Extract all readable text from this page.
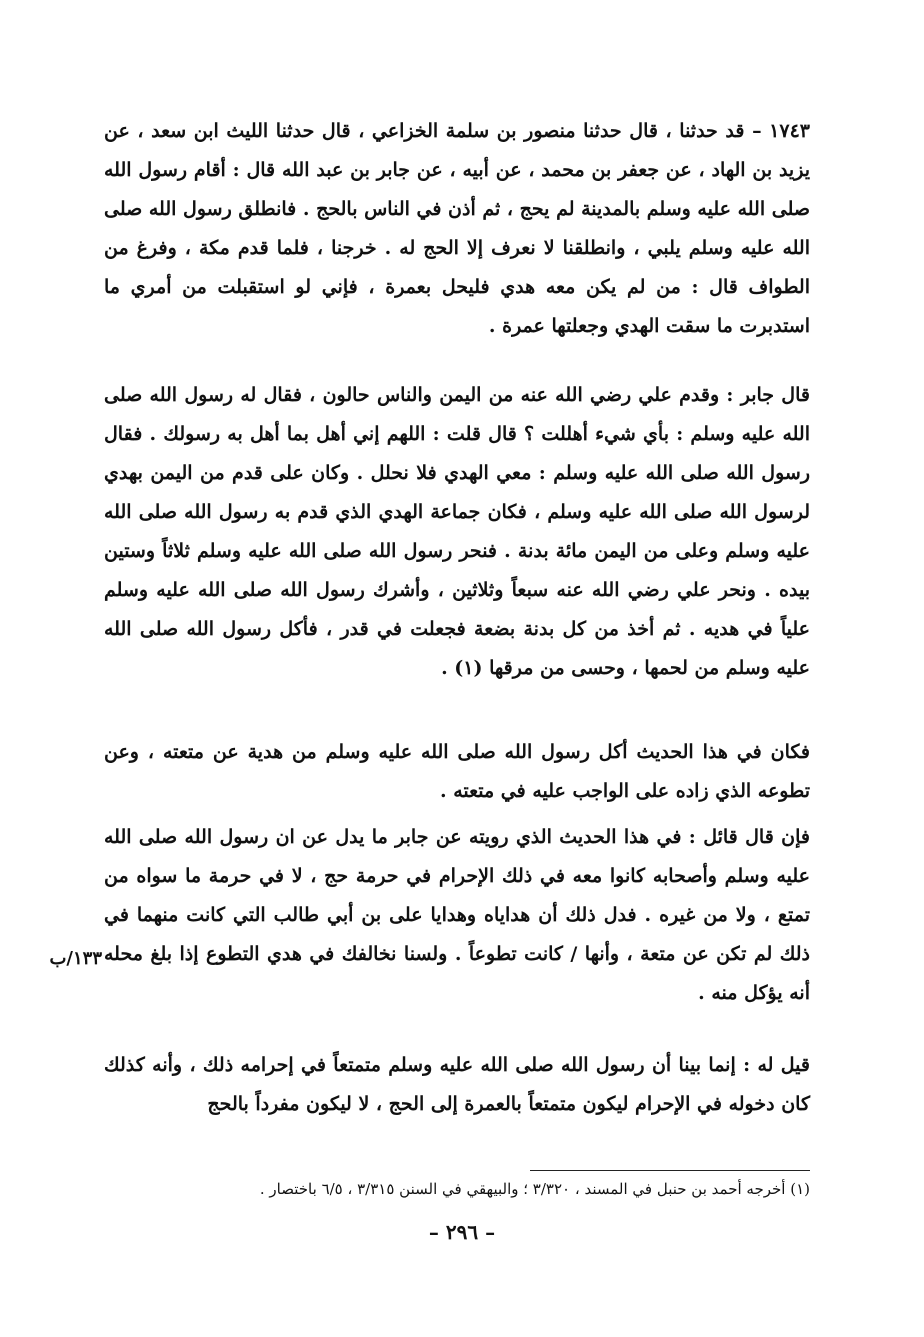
١٧٤٣ – قد حدثنا ، قال حدثنا منصور بن سلمة الخزاعي ، قال حدثنا الليث ابن سعد ، عن يزيد بن الهاد ، عن جعفر بن محمد ، عن أبيه ، عن جابر بن عبد الله قال : أقام رسول الله صلى الله عليه وسلم بالمدينة لم يحج ، ثم أذن في الناس بالحج . فانطلق رسول الله صلى الله عليه وسلم يلبي ، وانطلقنا لا نعرف إلا الحج له . خرجنا ، فلما قدم مكة ، وفرغ من الطواف قال : من لم يكن معه هدي فليحل بعمرة ، فإني لو استقبلت من أمري ما استدبرت ما سقت الهدي وجعلتها عمرة .

قال جابر : وقدم علي رضي الله عنه من اليمن والناس حالون ، فقال له رسول الله صلى الله عليه وسلم : بأي شيء أهللت ؟ قال قلت : اللهم إني أهل بما أهل به رسولك . فقال رسول الله صلى الله عليه وسلم : معي الهدي فلا نحلل . وكان على قدم من اليمن بهدي لرسول الله صلى الله عليه وسلم ، فكان جماعة الهدي الذي قدم به رسول الله صلى الله عليه وسلم وعلى من اليمن مائة بدنة . فنحر رسول الله صلى الله عليه وسلم ثلاثاً وستين بيده . ونحر علي رضي الله عنه سبعاً وثلاثين ، وأشرك رسول الله صلى الله عليه وسلم علياً في هديه . ثم أخذ من كل بدنة بضعة فجعلت في قدر ، فأكل رسول الله صلى الله عليه وسلم من لحمها ، وحسى من مرقها (١) .

فكان في هذا الحديث أكل رسول الله صلى الله عليه وسلم من هدية عن متعته ، وعن تطوعه الذي زاده على الواجب عليه في متعته .

فإن قال قائل : في هذا الحديث الذي رويته عن جابر ما يدل عن ان رسول الله صلى الله عليه وسلم وأصحابه كانوا معه في ذلك الإحرام في حرمة حج ، لا في حرمة ما سواه من تمتع ، ولا من غيره . فدل ذلك أن هداياه وهدايا على بن أبي طالب التي كانت منهما في ذلك لم تكن عن متعة ، وأنها / كانت تطوعاً . ولسنا نخالفك في هدي التطوع إذا بلغ محله أنه يؤكل منه .

قيل له : إنما بينا أن رسول الله صلى الله عليه وسلم متمتعاً في إحرامه ذلك ، وأنه كذلك كان دخوله في الإحرام ليكون متمتعاً بالعمرة إلى الحج ، لا ليكون مفرداً بالحج

١٣٣/ب
(١) أخرجه أحمد بن حنبل في المسند ، ٣/٣٢٠ ؛ والبيهقي في السنن ٣/٣١٥ ، ٦/٥ باختصار .
– ٢٩٦ –
